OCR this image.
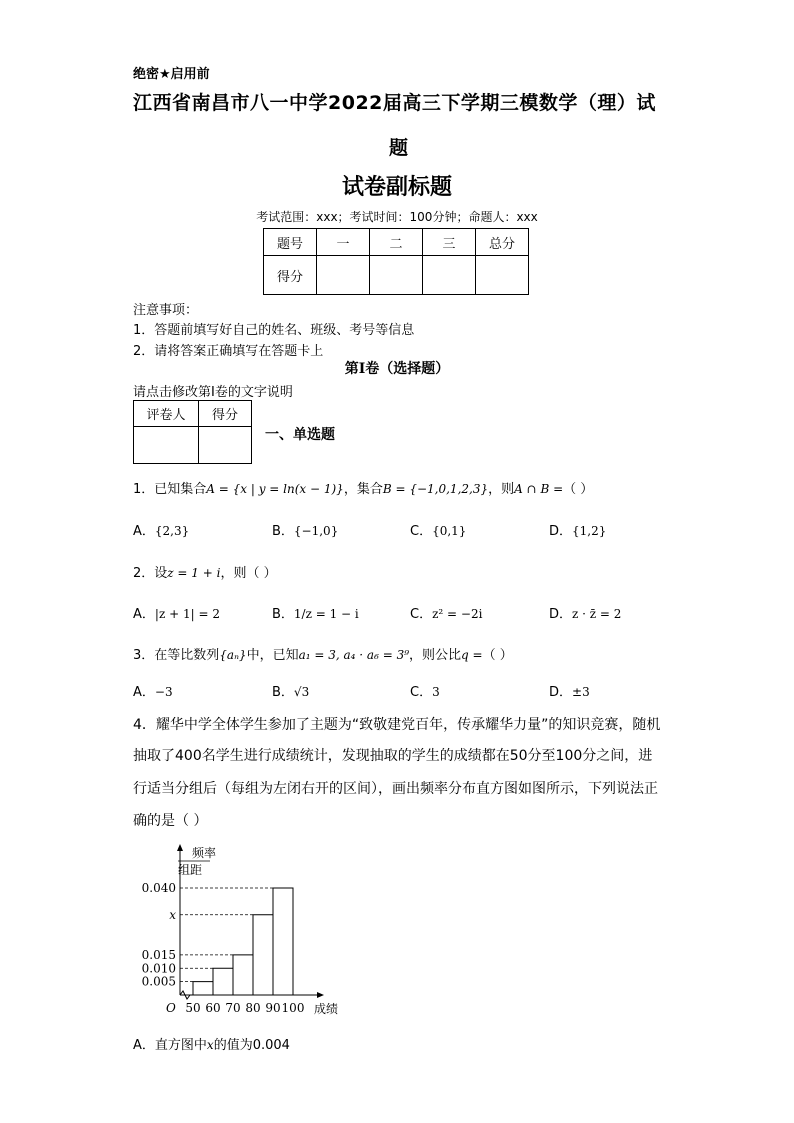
绝密★启用前
江西省南昌市八一中学2022届高三下学期三模数学（理）试
题
试卷副标题
考试范围：xxx；考试时间：100分钟；命题人：xxx
题号	一	二	三	总分
得分				
注意事项：
1．答题前填写好自己的姓名、班级、考号等信息
2．请将答案正确填写在答题卡上
第I卷（选择题）
请点击修改第I卷的文字说明
评卷人	得分

一、单选题
1．已知集合A = {x | y = ln(x − 1)}，集合B = {−1,0,1,2,3}，则A ∩ B =（ ）
A．{2,3}	B．{−1,0}	C．{0,1}	D．{1,2}
2．设z = 1 + i，则（ ）
A．|z + 1| = 2	B．1/z = 1 − i	C．z² = −2i	D．z · z̄ = 2
3．在等比数列{aₙ}中，已知a₁ = 3, a₄ · a₆ = 3⁹，则公比q =（ ）
A．−3	B．√3	C．3	D．±3
4．耀华中学全体学生参加了主题为“致敬建党百年，传承耀华力量”的知识竞赛，随机
抽取了400名学生进行成绩统计，发现抽取的学生的成绩都在50分至100分之间，进
行适当分组后（每组为左闭右开的区间），画出频率分布直方图如图所示，下列说法正
确的是（ ）
频率
组距
O	成绩
0.040
x
0.015
0.010
0.005
50 60 70 80 90 100
A．直方图中x的值为0.004
